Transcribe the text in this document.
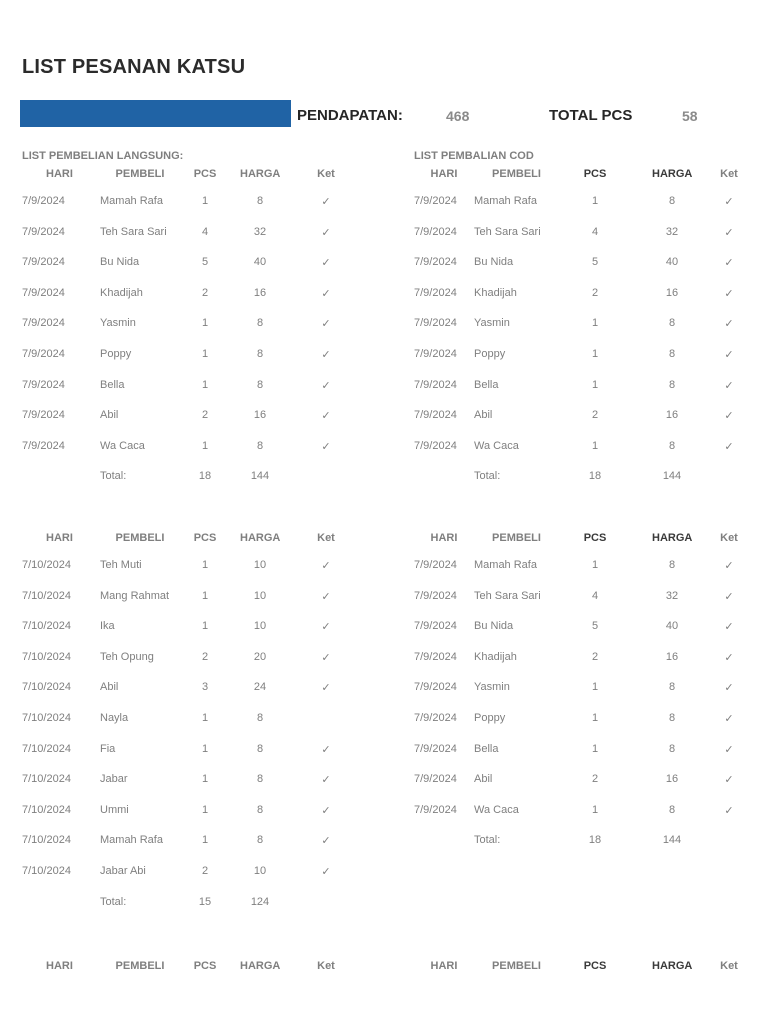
LIST PESANAN KATSU
PENDAPATAN:	468	TOTAL PCS	58
LIST PEMBELIAN LANGSUNG:	LIST PEMBALIAN COD
HARI	PEMBELI	PCS	HARGA	Ket
7/9/2024	Mamah Rafa	1	8	✓
7/9/2024	Teh Sara Sari	4	32	✓
7/9/2024	Bu Nida	5	40	✓
7/9/2024	Khadijah	2	16	✓
7/9/2024	Yasmin	1	8	✓
7/9/2024	Poppy	1	8	✓
7/9/2024	Bella	1	8	✓
7/9/2024	Abil	2	16	✓
7/9/2024	Wa Caca	1	8	✓
Total:	18	144
HARI	PEMBELI	PCS	HARGA	Ket
7/9/2024	Mamah Rafa	1	8	✓
7/9/2024	Teh Sara Sari	4	32	✓
7/9/2024	Bu Nida	5	40	✓
7/9/2024	Khadijah	2	16	✓
7/9/2024	Yasmin	1	8	✓
7/9/2024	Poppy	1	8	✓
7/9/2024	Bella	1	8	✓
7/9/2024	Abil	2	16	✓
7/9/2024	Wa Caca	1	8	✓
Total:	18	144
HARI	PEMBELI	PCS	HARGA	Ket
7/10/2024	Teh Muti	1	10	✓
7/10/2024	Mang Rahmat	1	10	✓
7/10/2024	Ika	1	10	✓
7/10/2024	Teh Opung	2	20	✓
7/10/2024	Abil	3	24	✓
7/10/2024	Nayla	1	8
7/10/2024	Fia	1	8	✓
7/10/2024	Jabar	1	8	✓
7/10/2024	Ummi	1	8	✓
7/10/2024	Mamah Rafa	1	8	✓
7/10/2024	Jabar Abi	2	10	✓
Total:	15	124
HARI	PEMBELI	PCS	HARGA	Ket
7/9/2024	Mamah Rafa	1	8	✓
7/9/2024	Teh Sara Sari	4	32	✓
7/9/2024	Bu Nida	5	40	✓
7/9/2024	Khadijah	2	16	✓
7/9/2024	Yasmin	1	8	✓
7/9/2024	Poppy	1	8	✓
7/9/2024	Bella	1	8	✓
7/9/2024	Abil	2	16	✓
7/9/2024	Wa Caca	1	8	✓
Total:	18	144
HARI	PEMBELI	PCS	HARGA	Ket	HARI	PEMBELI	PCS	HARGA	Ket
